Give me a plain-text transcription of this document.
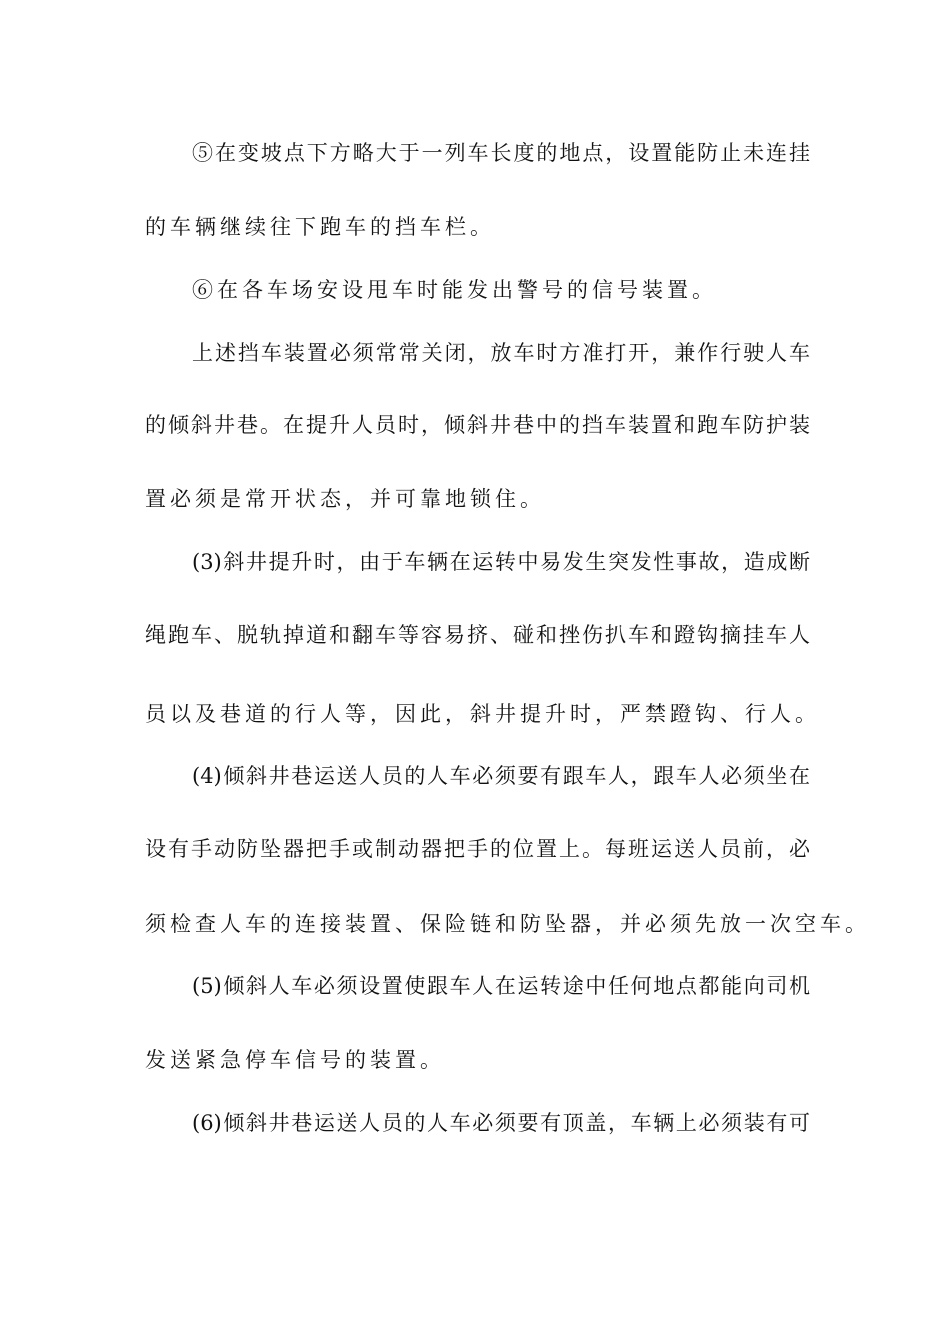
⑤在变坡点下方略大于一列车长度的地点，设置能防止未连挂
的车辆继续往下跑车的挡车栏。
⑥在各车场安设甩车时能发出警号的信号装置。
上述挡车装置必须常常关闭，放车时方准打开，兼作行驶人车
的倾斜井巷。在提升人员时，倾斜井巷中的挡车装置和跑车防护装
置必须是常开状态，并可靠地锁住。
(3)斜井提升时，由于车辆在运转中易发生突发性事故，造成断
绳跑车、脱轨掉道和翻车等容易挤、碰和挫伤扒车和蹬钩摘挂车人
员以及巷道的行人等，因此，斜井提升时，严禁蹬钩、行人。
(4)倾斜井巷运送人员的人车必须要有跟车人，跟车人必须坐在
设有手动防坠器把手或制动器把手的位置上。每班运送人员前，必
须检查人车的连接装置、保险链和防坠器，并必须先放一次空车。
(5)倾斜人车必须设置使跟车人在运转途中任何地点都能向司机
发送紧急停车信号的装置。
(6)倾斜井巷运送人员的人车必须要有顶盖，车辆上必须装有可
